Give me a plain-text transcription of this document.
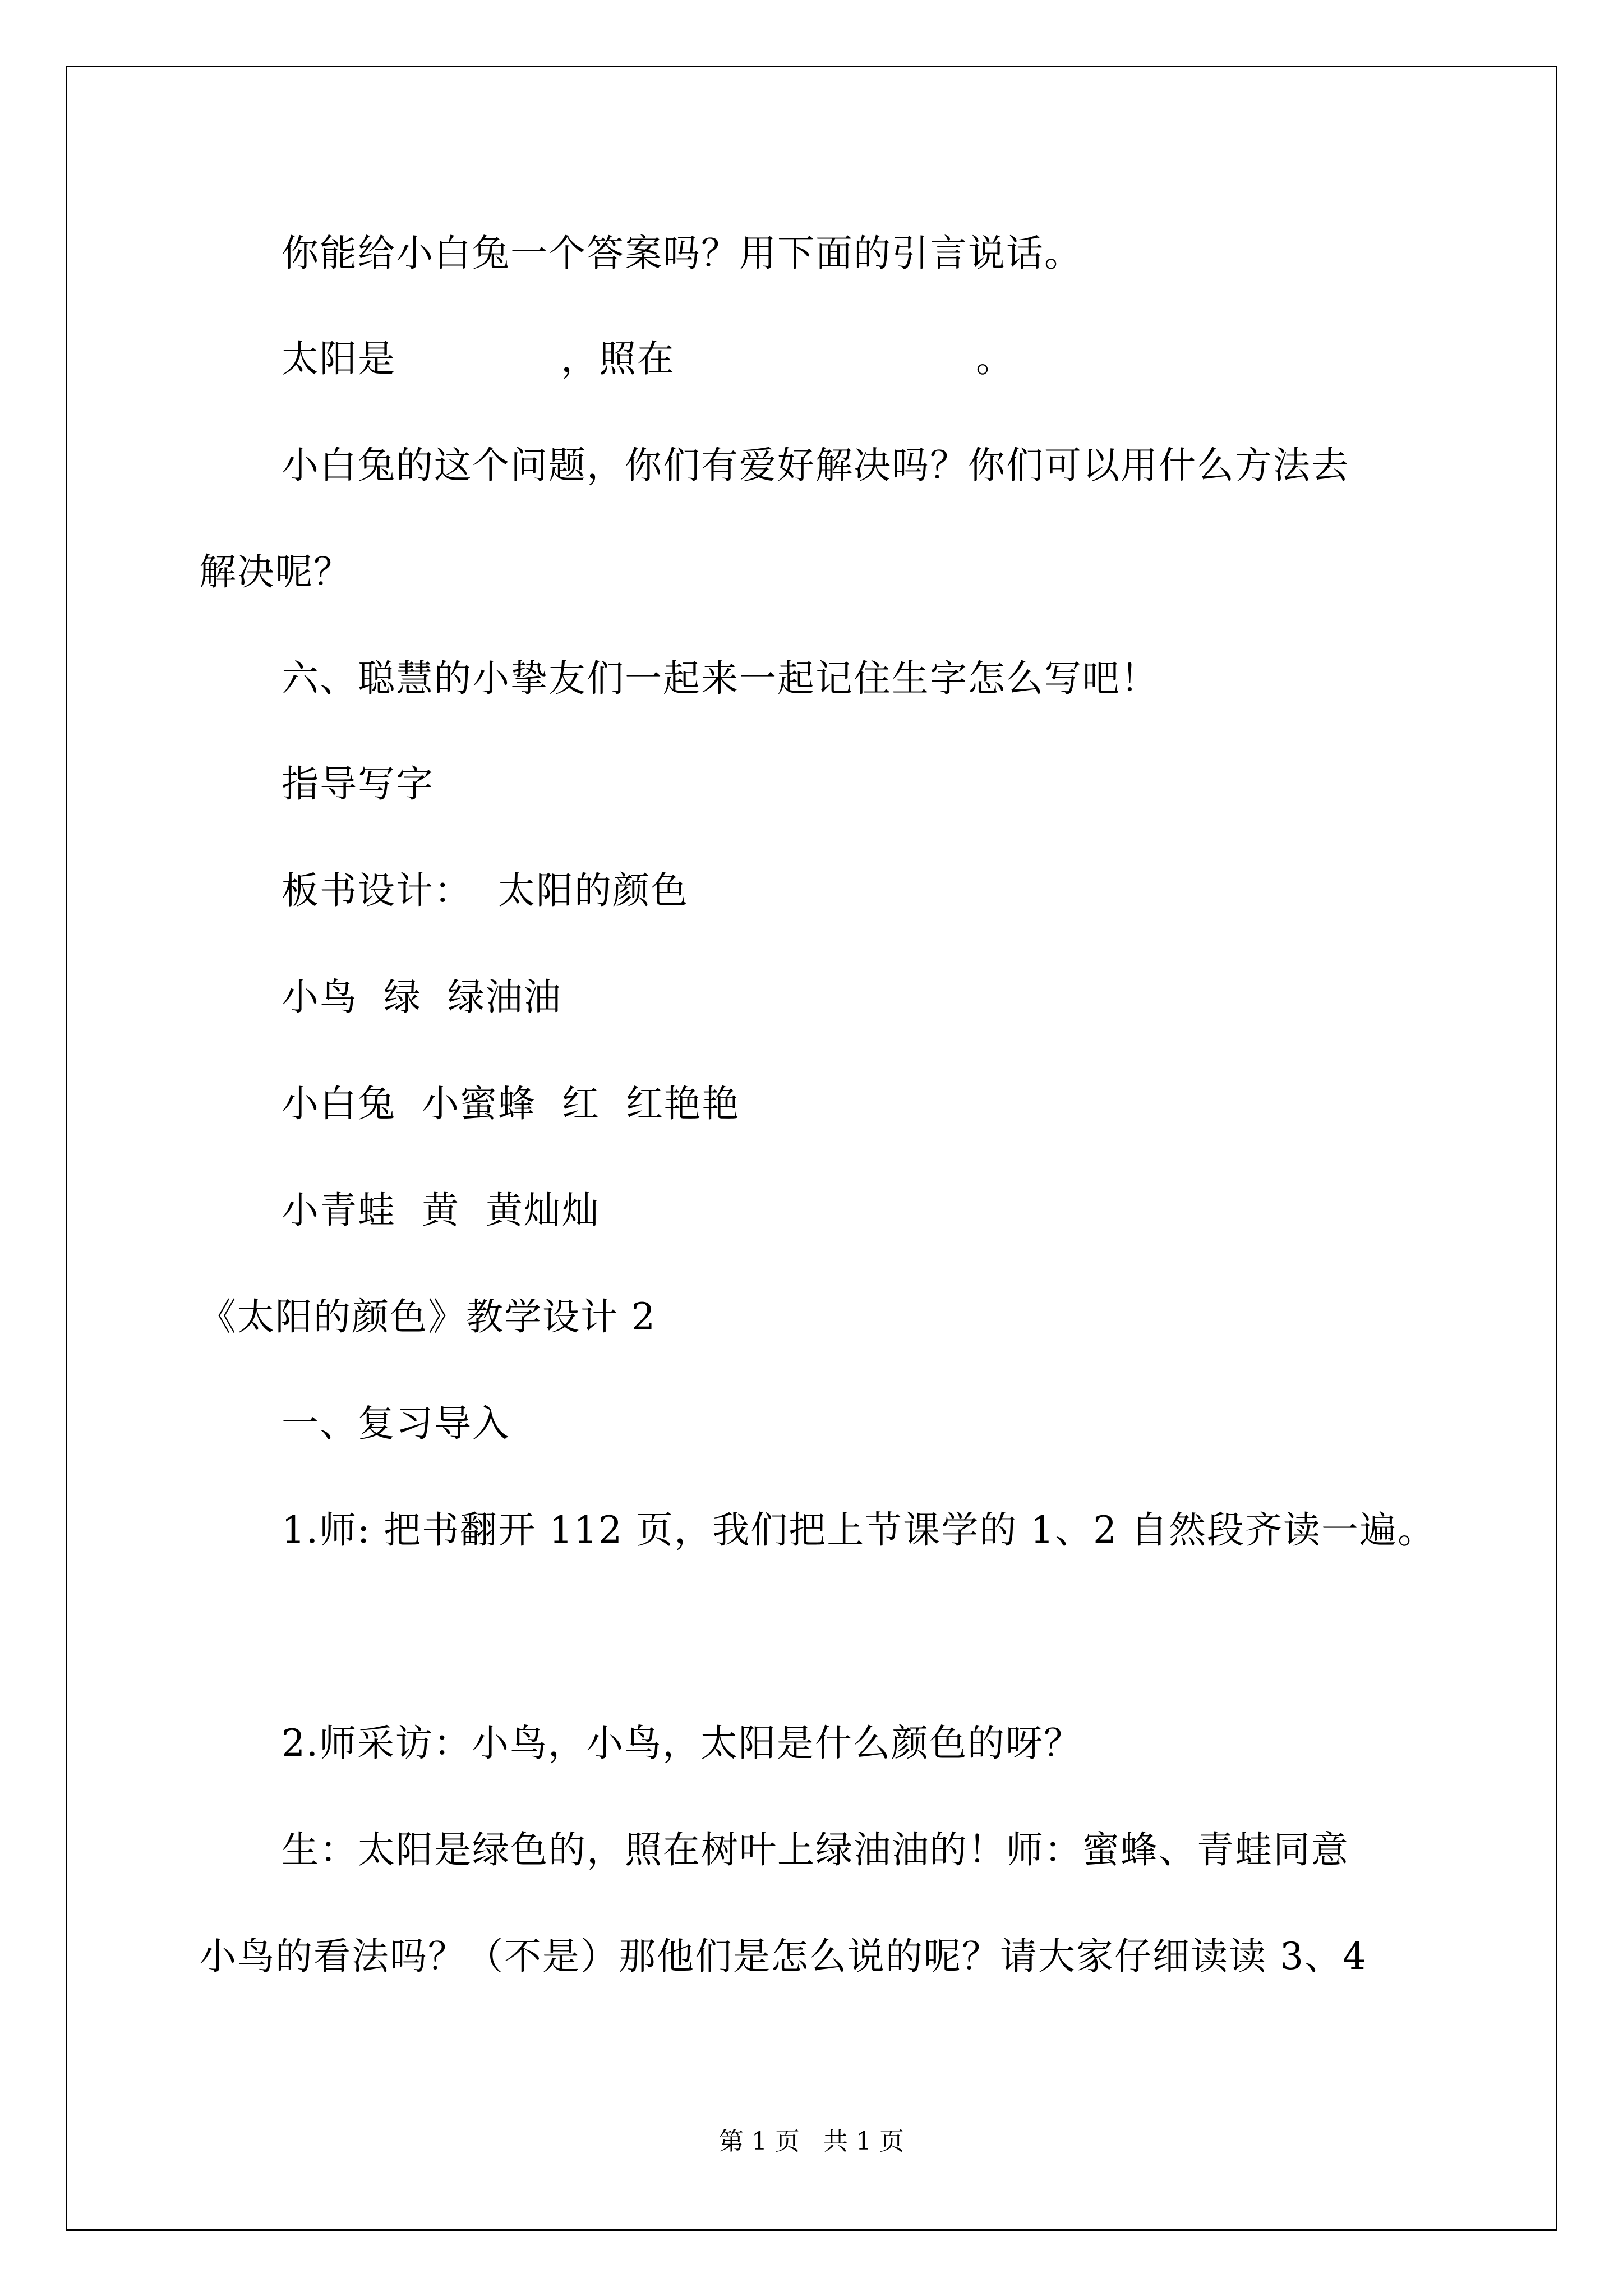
你能给小白兔一个答案吗？用下面的引言说话。
太阳是	，照在	。
小白兔的这个问题，你们有爱好解决吗？你们可以用什么方法去
解决呢？
六、聪慧的小挚友们一起来一起记住生字怎么写吧！
指导写字
板书设计：  太阳的颜色
小鸟  绿  绿油油
小白兔  小蜜蜂  红  红艳艳
小青蛙  黄  黄灿灿
《太阳的颜色》教学设计 2
一、复习导入
1.师: 把书翻开 112 页，我们把上节课学的 1、2 自然段齐读一遍。
2.师采访：小鸟，小鸟，太阳是什么颜色的呀？
生：太阳是绿色的，照在树叶上绿油油的！师：蜜蜂、青蛙同意
小鸟的看法吗？（不是）那他们是怎么说的呢？请大家仔细读读 3、4
第 1 页   共 1 页
